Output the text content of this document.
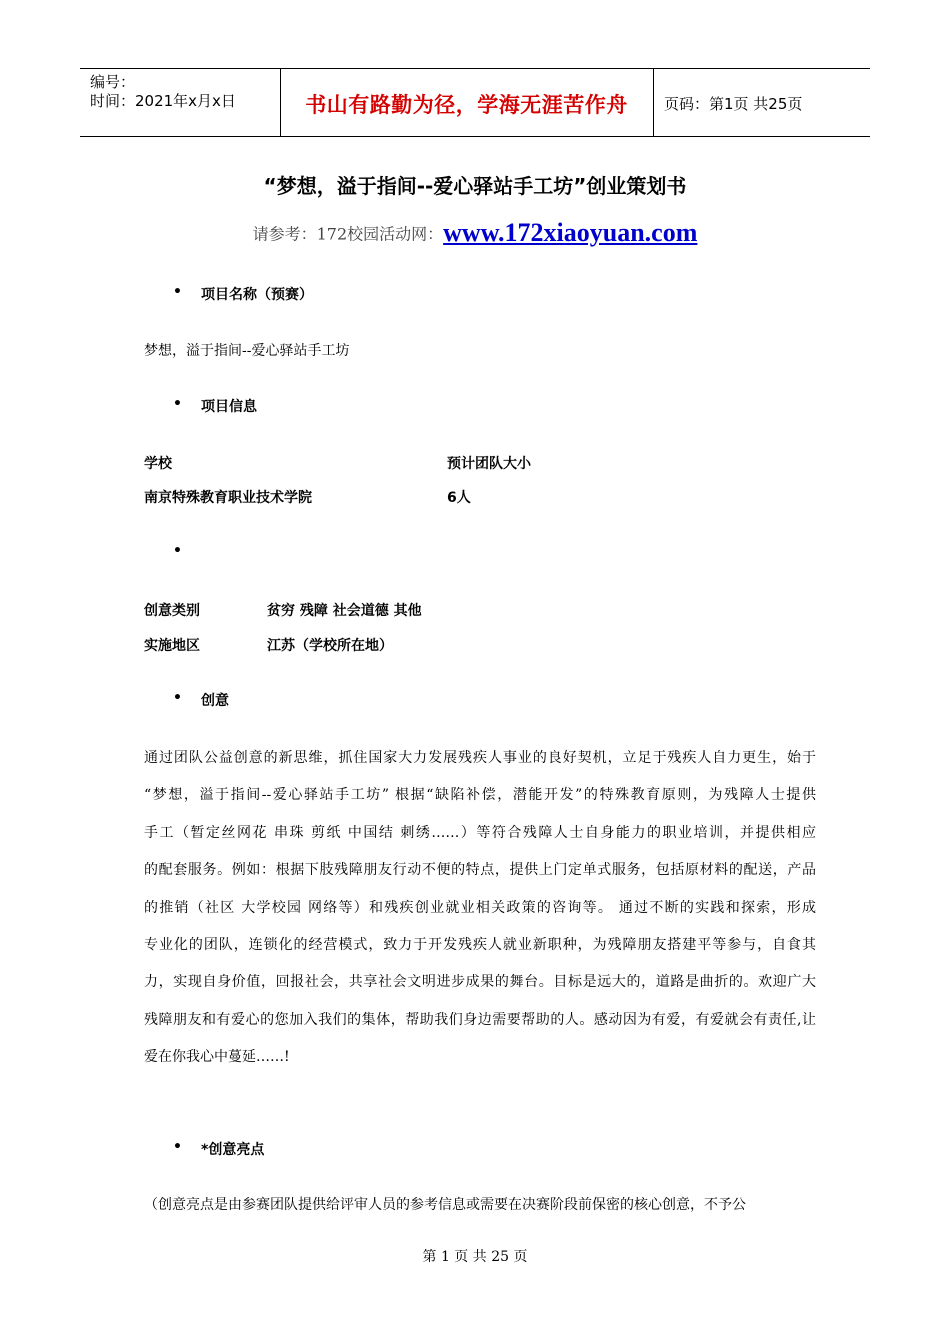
编号：
时间：2021年x月x日	书山有路勤为径，学海无涯苦作舟	页码：第1页 共25页
“梦想，溢于指间--爱心驿站手工坊”创业策划书
请参考：172校园活动网：www.172xiaoyuan.com
• 项目名称（预赛）
梦想，溢于指间--爱心驿站手工坊
• 项目信息
学校	预计团队大小
南京特殊教育职业技术学院	6人
•
创意类别	贫穷 残障 社会道德 其他
实施地区	江苏（学校所在地）
• 创意
通过团队公益创意的新思维，抓住国家大力发展残疾人事业的良好契机，立足于残疾人自力更生，始于
“梦想，溢于指间--爱心驿站手工坊” 根据“缺陷补偿，潜能开发”的特殊教育原则，为残障人士提供
手工（暂定丝网花 串珠 剪纸 中国结 刺绣……）等符合残障人士自身能力的职业培训，并提供相应
的配套服务。例如：根据下肢残障朋友行动不便的特点，提供上门定单式服务，包括原材料的配送，产品
的推销（社区 大学校园 网络等）和残疾创业就业相关政策的咨询等。 通过不断的实践和探索，形成
专业化的团队，连锁化的经营模式，致力于开发残疾人就业新职种，为残障朋友搭建平等参与，自食其
力，实现自身价值，回报社会，共享社会文明进步成果的舞台。目标是远大的，道路是曲折的。欢迎广大
残障朋友和有爱心的您加入我们的集体，帮助我们身边需要帮助的人。感动因为有爱，有爱就会有责任,让
爱在你我心中蔓延……!
• *创意亮点
（创意亮点是由参赛团队提供给评审人员的参考信息或需要在决赛阶段前保密的核心创意，不予公
第 1 页 共 25 页
